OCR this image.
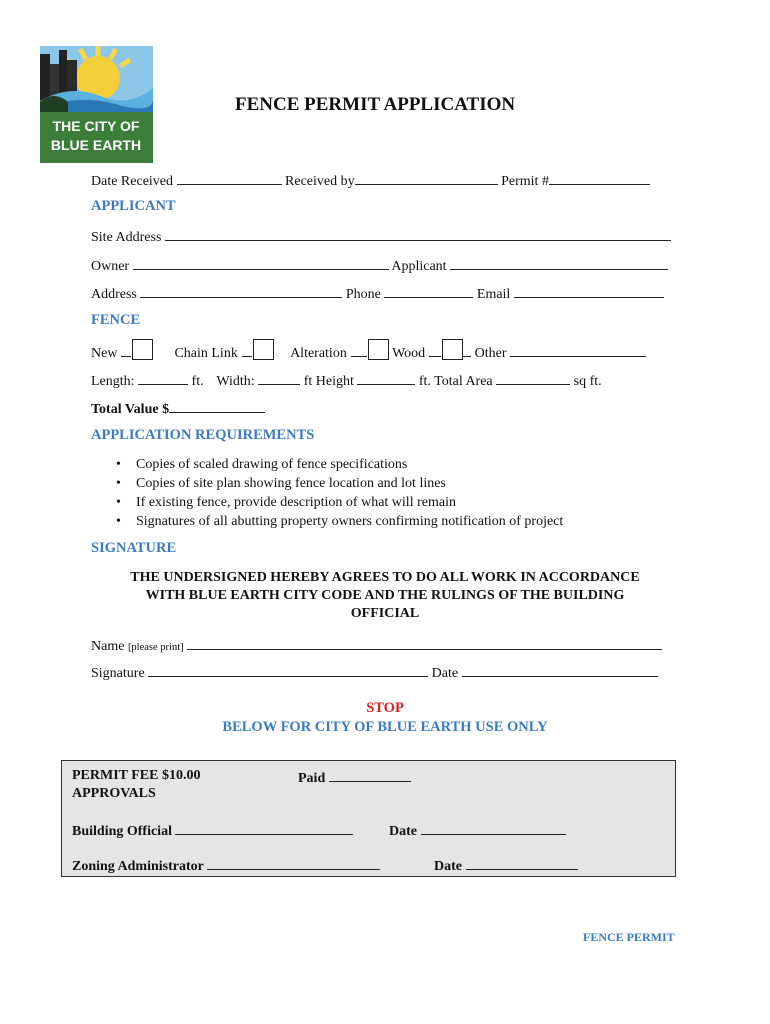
THE CITY OF
BLUE EARTH
FENCE PERMIT APPLICATION
Date Received	Received by	Permit #
APPLICANT
Site Address
Owner	Applicant
Address	Phone	Email
FENCE
New	Chain Link	Alteration	Wood	Other
Length:	ft. Width:	ft Height	ft. Total Area	sq ft.
Total Value $
APPLICATION REQUIREMENTS
• Copies of scaled drawing of fence specifications
• Copies of site plan showing fence location and lot lines
• If existing fence, provide description of what will remain
• Signatures of all abutting property owners confirming notification of project
SIGNATURE
THE UNDERSIGNED HEREBY AGREES TO DO ALL WORK IN ACCORDANCE
WITH BLUE EARTH CITY CODE AND THE RULINGS OF THE BUILDING
OFFICIAL
Name [please print]
Signature	Date
STOP
BELOW FOR CITY OF BLUE EARTH USE ONLY
PERMIT FEE $10.00
APPROVALS
Paid
Building Official	Date
Zoning Administrator	Date
FENCE PERMIT
